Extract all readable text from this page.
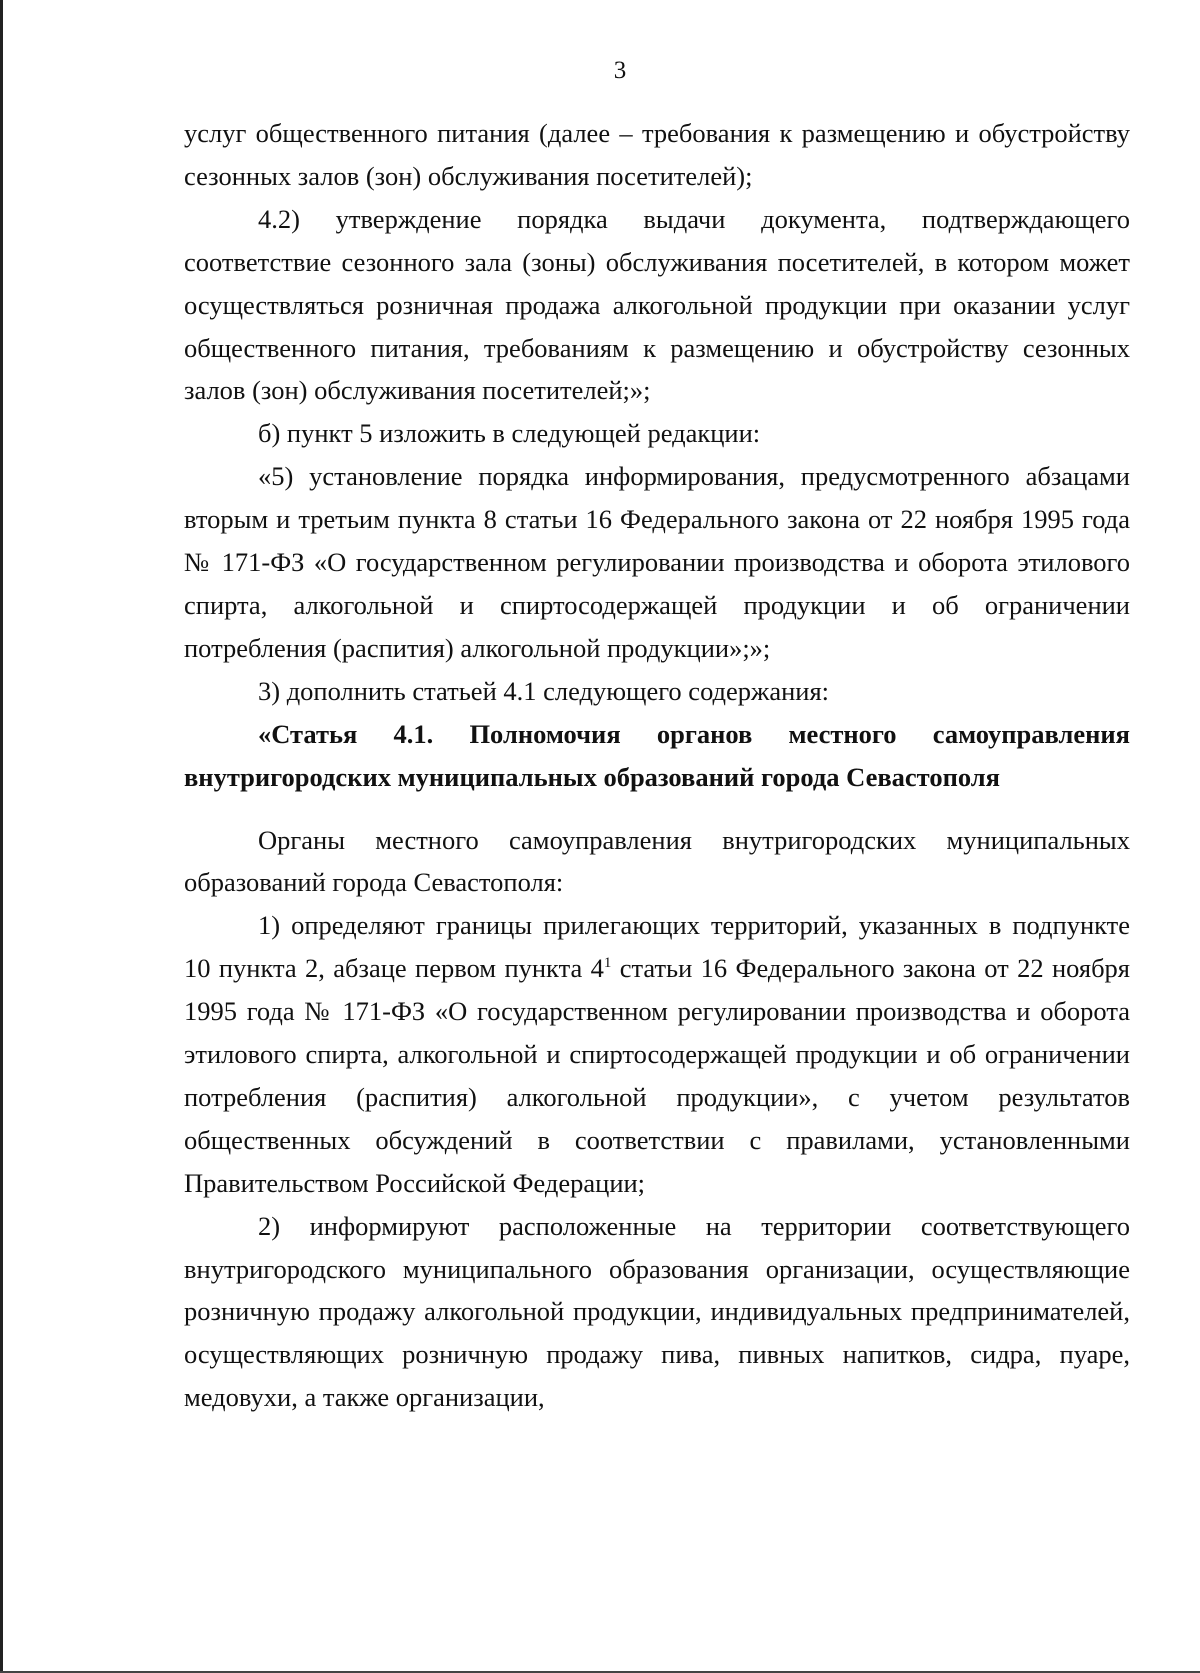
3

услуг общественного питания (далее – требования к размещению и обустройству сезонных залов (зон) обслуживания посетителей);

4.2) утверждение порядка выдачи документа, подтверждающего соответствие сезонного зала (зоны) обслуживания посетителей, в котором может осуществляться розничная продажа алкогольной продукции при оказании услуг общественного питания, требованиям к размещению и обустройству сезонных залов (зон) обслуживания посетителей;»;

б) пункт 5 изложить в следующей редакции:

«5) установление порядка информирования, предусмотренного абзацами вторым и третьим пункта 8 статьи 16 Федерального закона от 22 ноября 1995 года № 171-ФЗ «О государственном регулировании производства и оборота этилового спирта, алкогольной и спиртосодержащей продукции и об ограничении потребления (распития) алкогольной продукции»;»;

3) дополнить статьей 4.1 следующего содержания:

«Статья 4.1. Полномочия органов местного самоуправления внутригородских муниципальных образований города Севастополя

Органы местного самоуправления внутригородских муниципальных образований города Севастополя:

1) определяют границы прилегающих территорий, указанных в подпункте 10 пункта 2, абзаце первом пункта $4^1$ статьи 16 Федерального закона от 22 ноября 1995 года № 171-ФЗ «О государственном регулировании производства и оборота этилового спирта, алкогольной и спиртосодержащей продукции и об ограничении потребления (распития) алкогольной продукции», с учетом результатов общественных обсуждений в соответствии с правилами, установленными Правительством Российской Федерации;

2) информируют расположенные на территории соответствующего внутригородского муниципального образования организации, осуществляющие розничную продажу алкогольной продукции, индивидуальных предпринимателей, осуществляющих розничную продажу пива, пивных напитков, сидра, пуаре, медовухи, а также организации,
